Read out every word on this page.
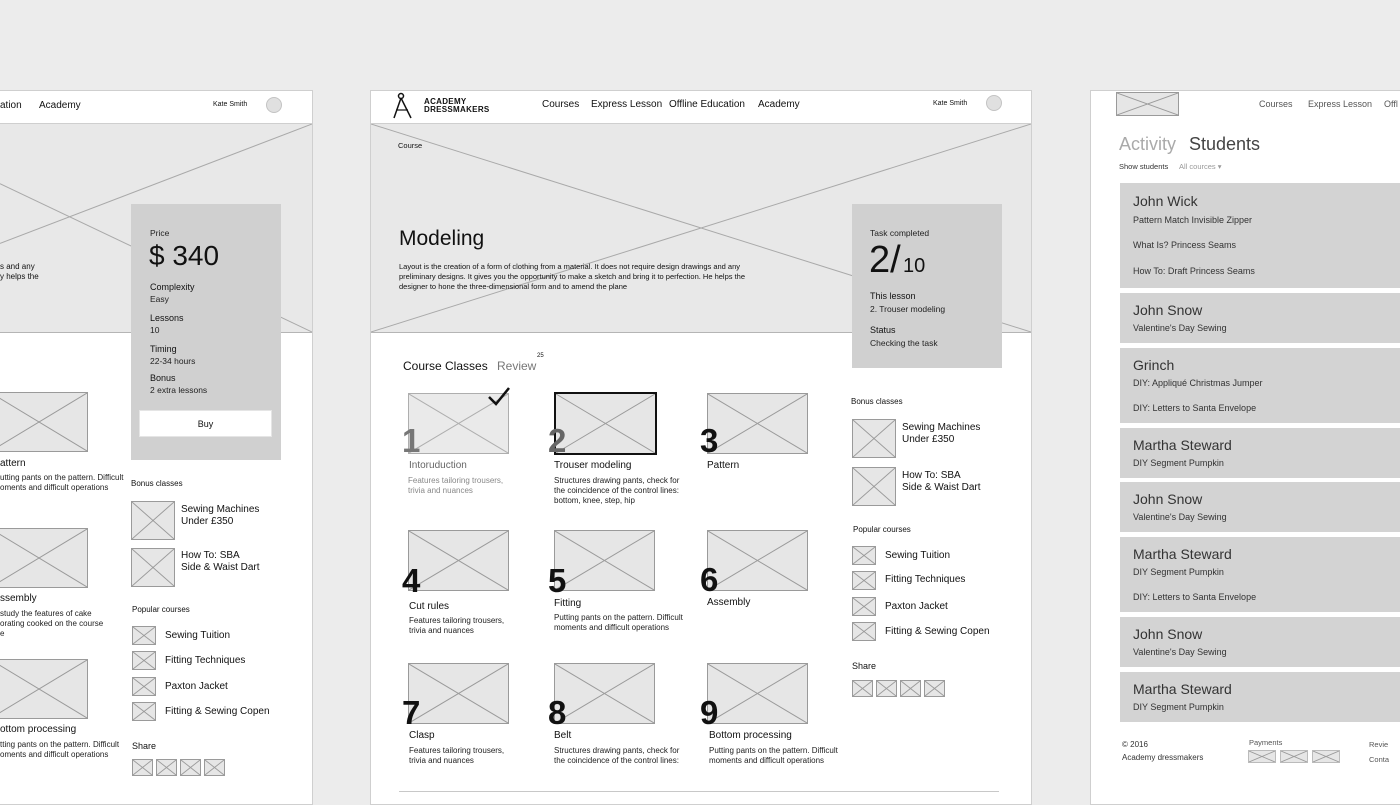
ation Academy	Kate Smith
s and any
y helps the
Price
$ 340
Complexity
Easy
Lessons
10
Timing
22-34 hours
Bonus
2 extra lessons
Buy
attern
utting pants on the pattern. Difficult
oments and difficult operations
ssembly
study the features of cake
orating cooked on the course
e
ottom processing
tting pants on the pattern. Difficult
oments and difficult operations
Bonus classes
Sewing Machines
Under £350
How To: SBA
Side & Waist Dart
Popular courses
Sewing Tuition
Fitting Techniques
Paxton Jacket
Fitting & Sewing Copen
Share
ACADEMY
DRESSMAKERS	Courses Express Lesson Offline Education Academy	Kate Smith
Course
Modeling
Layout is the creation of a form of clothing from a material. It does not require design drawings and any preliminary designs. It gives you the opportunity to make a sketch and bring it to perfection. He helps the designer to hone the three-dimensional form and to amend the plane
Task completed
2/ 10
This lesson
2. Trouser modeling
Status
Checking the task
Course Classes Review
25
1
Intoruduction
Features tailoring trousers, trivia and nuances
2
Trouser modeling
Structures drawing pants, check for the coincidence of the control lines: bottom, knee, step, hip
3
Pattern
4
Cut rules
Features tailoring trousers, trivia and nuances
5
Fitting
Putting pants on the pattern. Difficult moments and difficult operations
6
Assembly
7
Clasp
Features tailoring trousers, trivia and nuances
8
Belt
Structures drawing pants, check for the coincidence of the control lines:
9
Bottom processing
Putting pants on the pattern. Difficult moments and difficult operations
Bonus classes
Sewing Machines
Under £350
How To: SBA
Side & Waist Dart
Popular courses
Sewing Tuition
Fitting Techniques
Paxton Jacket
Fitting & Sewing Copen
Share
Courses Express Lesson Offl
Activity Students
Show students All cources ▾
John Wick
Pattern Match Invisible Zipper
What Is? Princess Seams
How To: Draft Princess Seams
John Snow
Valentine's Day Sewing
Grinch
DIY: Appliqué Christmas Jumper
DIY: Letters to Santa Envelope
Martha Steward
DIY Segment Pumpkin
John Snow
Valentine's Day Sewing
Martha Steward
DIY Segment Pumpkin
DIY: Letters to Santa Envelope
John Snow
Valentine's Day Sewing
Martha Steward
DIY Segment Pumpkin
© 2016
Academy dressmakers
Payments	Revie
Conta
